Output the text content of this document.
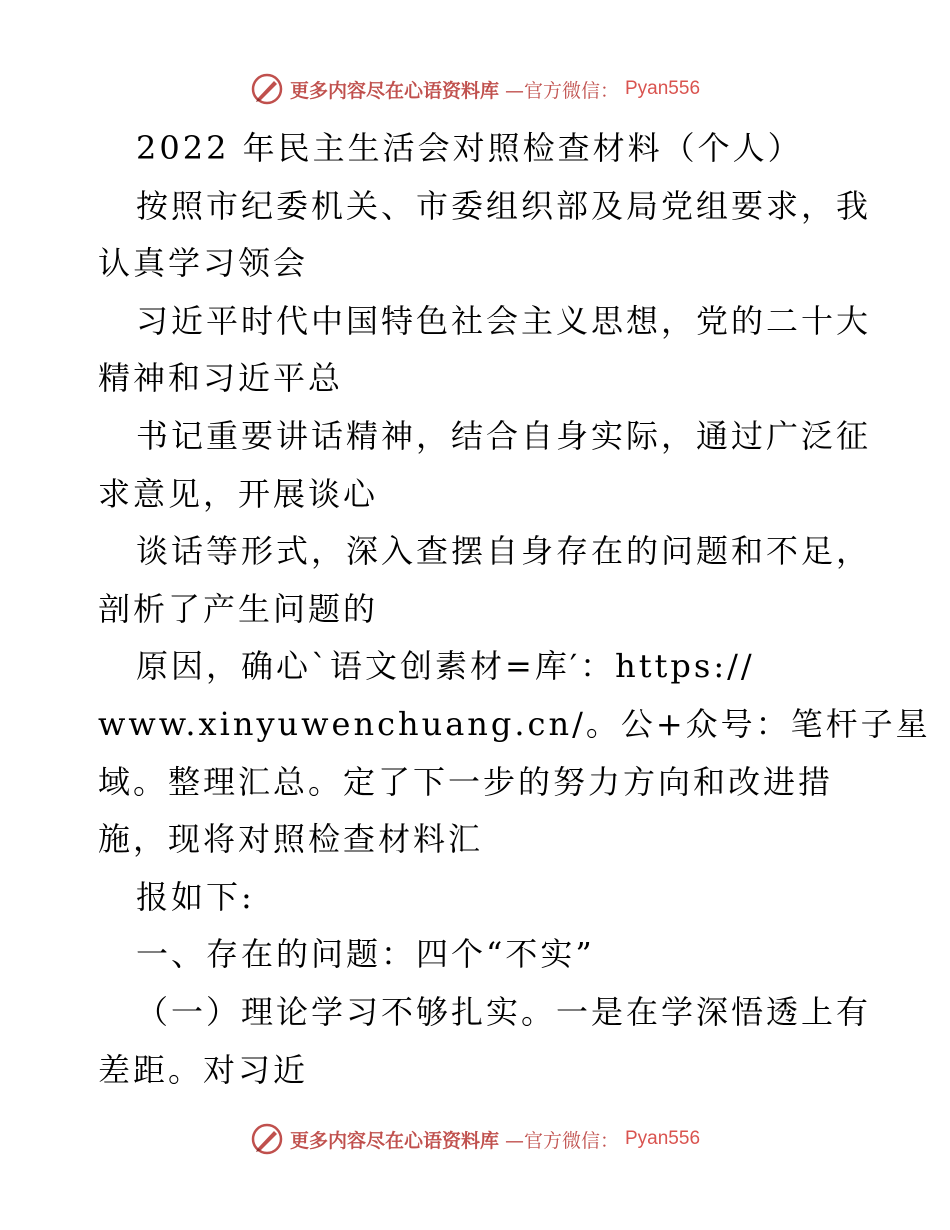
更多内容尽在心语资料库 —官方微信： Pyan556
2022 年民主生活会对照检查材料（个人）
按照市纪委机关、市委组织部及局党组要求，我
认真学习领会
习近平时代中国特色社会主义思想，党的二十大
精神和习近平总
书记重要讲话精神，结合自身实际，通过广泛征
求意见，开展谈心
谈话等形式，深入查摆自身存在的问题和不足，
剖析了产生问题的
原因，确心`语文创素材=库′：https://
www.xinyuwenchuang.cn/。公+众号：笔杆子星
域。整理汇总。定了下一步的努力方向和改进措
施，现将对照检查材料汇
报如下:
一、存在的问题：四个“不实”
（一）理论学习不够扎实。一是在学深悟透上有
差距。对习近
更多内容尽在心语资料库 —官方微信： Pyan556
